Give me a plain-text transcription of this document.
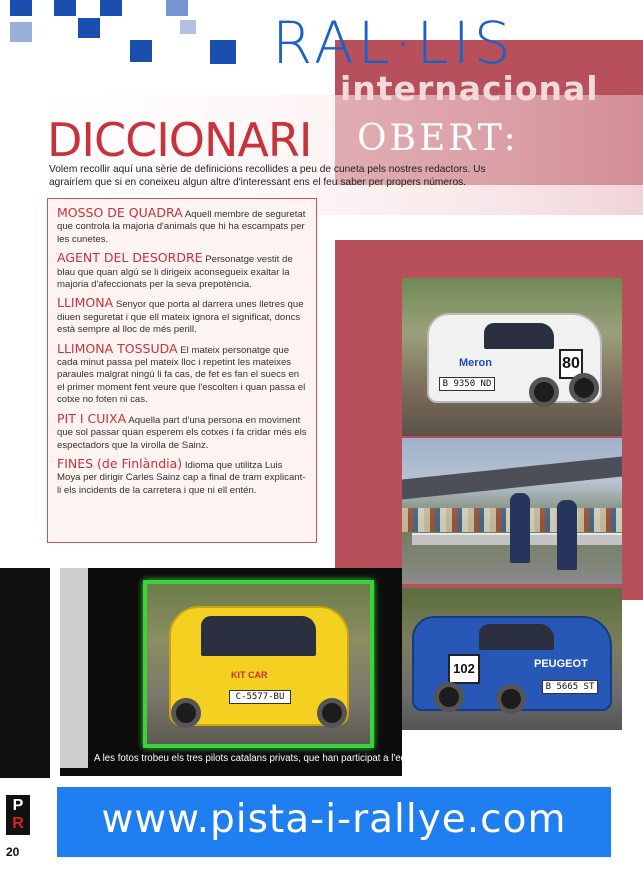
RAL·LIS
internacional
DICCIONARI OBERT:

Volem recollir aquí una sèrie de definicions recollides a peu de cuneta pels nostres redactors. Us agrairíem que si en coneixeu algun altre d'interessant ens el feu saber per propers números.

MOSSO DE QUADRA Aquell membre de seguretat que controla la majoria d'animals que hi ha escampats per les cunetes.

AGENT DEL DESORDRE Personatge vestit de blau que quan algú se li dirigeix aconsegueix exaltar la majoria d'afeccionats per la seva prepotència.

LLIMONA Senyor que porta al darrera unes lletres que diuen seguretat i que ell mateix ignora el significat, doncs està sempre al lloc de més perill.

LLIMONA TOSSUDA El mateix personatge que cada minut passa pel mateix lloc i repetint les mateixes paraules malgrat ningú li fa cas, de fet es fan el suecs en el primer moment fent veure que l'escolten i quan passa el cotxe no foten ni cas.

PIT I CUIXA Aquella part d'una persona en moviment que sol passar quan esperem els cotxes i fa cridar més els espectadors que la virolla de Sainz.

FINES (de Finlàndia) Idioma que utilitza Luis Moya per dirigir Carles Sainz cap a final de tram explicant-li els incidents de la carretera i que ni ell entén.

Meron	80
B 9350 ND
PEUGEOT
102
B 5665 ST
KIT CAR
C-5577-BU
A les fotos trobeu els tres pilots catalans privats, que han participat a l'edició d'enguany
www.pista-i-rallye.com
P
R
20
